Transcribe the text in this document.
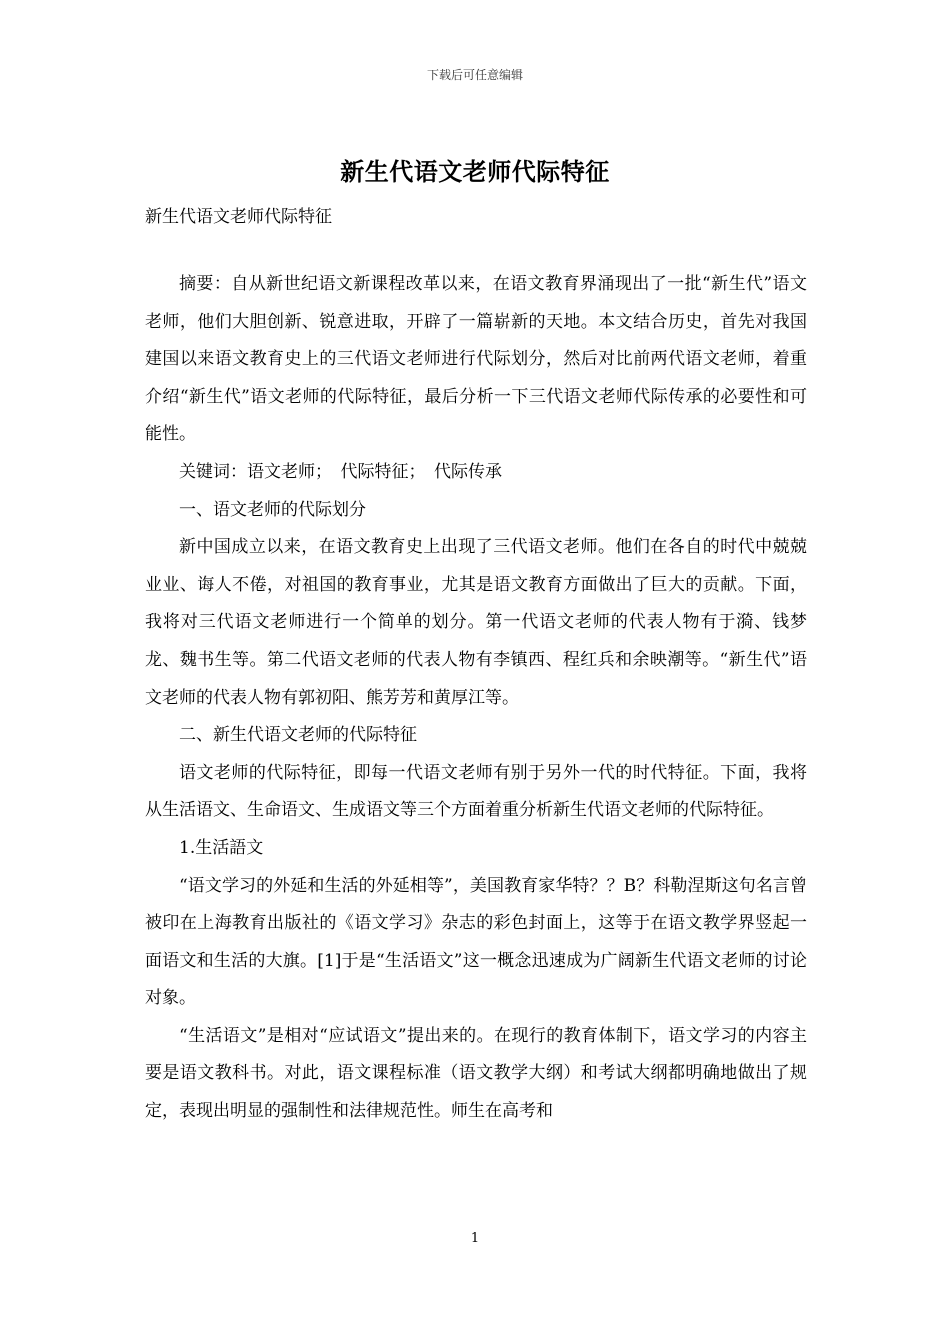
下载后可任意编辑
新生代语文老师代际特征
新生代语文老师代际特征

摘要：自从新世纪语文新课程改革以来，在语文教育界涌现出了一批“新生代”语文老师，他们大胆创新、锐意进取，开辟了一篇崭新的天地。本文结合历史，首先对我国建国以来语文教育史上的三代语文老师进行代际划分，然后对比前两代语文老师，着重介绍“新生代”语文老师的代际特征，最后分析一下三代语文老师代际传承的必要性和可能性。

关键词：语文老师；　代际特征；　代际传承

一、语文老师的代际划分

新中国成立以来，在语文教育史上出现了三代语文老师。他们在各自的时代中兢兢业业、诲人不倦，对祖国的教育事业，尤其是语文教育方面做出了巨大的贡献。下面，我将对三代语文老师进行一个简单的划分。第一代语文老师的代表人物有于漪、钱梦龙、魏书生等。第二代语文老师的代表人物有李镇西、程红兵和余映潮等。“新生代”语文老师的代表人物有郭初阳、熊芳芳和黄厚江等。

二、新生代语文老师的代际特征

语文老师的代际特征，即每一代语文老师有别于另外一代的时代特征。下面，我将从生活语文、生命语文、生成语文等三个方面着重分析新生代语文老师的代际特征。

1.生活語文

“语文学习的外延和生活的外延相等”，美国教育家华特？？B？科勒涅斯这句名言曾被印在上海教育出版社的《语文学习》杂志的彩色封面上，这等于在语文教学界竖起一面语文和生活的大旗。[1]于是“生活语文”这一概念迅速成为广阔新生代语文老师的讨论对象。

“生活语文”是相对“应试语文”提出来的。在现行的教育体制下，语文学习的内容主要是语文教科书。对此，语文课程标准（语文教学大纲）和考试大纲都明确地做出了规定，表现出明显的强制性和法律规范性。师生在高考和

1
